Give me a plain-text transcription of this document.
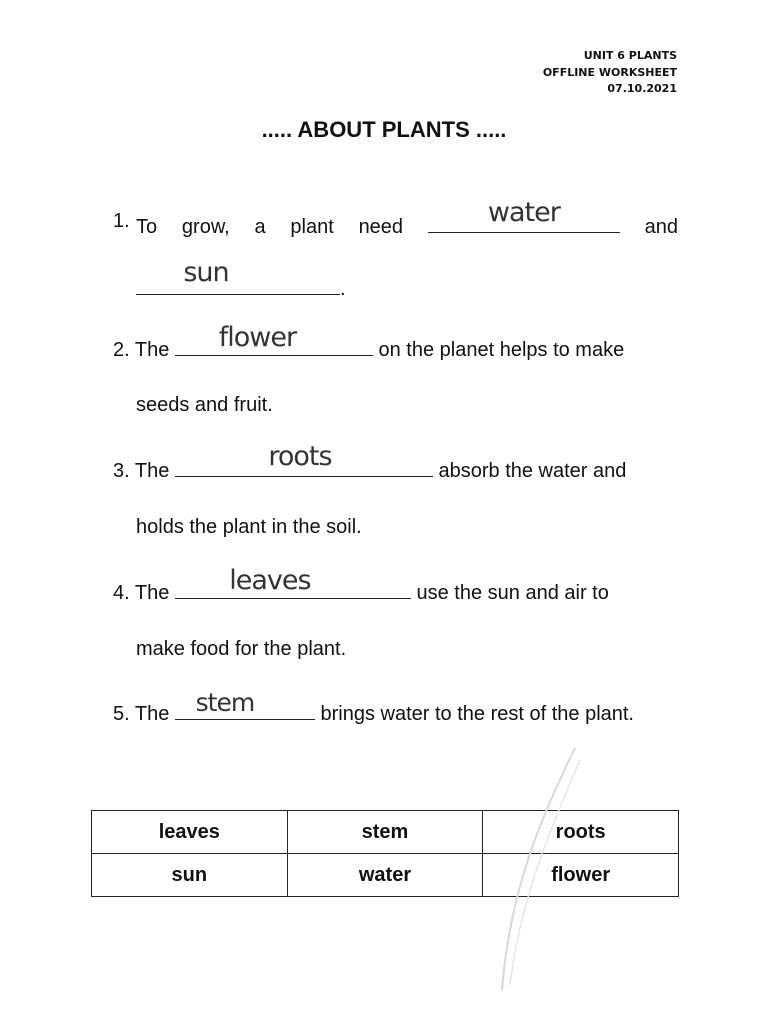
UNIT 6 PLANTS
OFFLINE WORKSHEET
07.10.2021
..... ABOUT PLANTS .....
1. To grow, a plant need	water	and
sun
.
2. The	flower	on the planet helps to make
seeds and fruit.
3. The	roots	absorb the water and
holds the plant in the soil.
4. The	leaves	use the sun and air to
make food for the plant.
5. The	stem	brings water to the rest of the plant.
leaves	stem	roots
sun	water	flower
